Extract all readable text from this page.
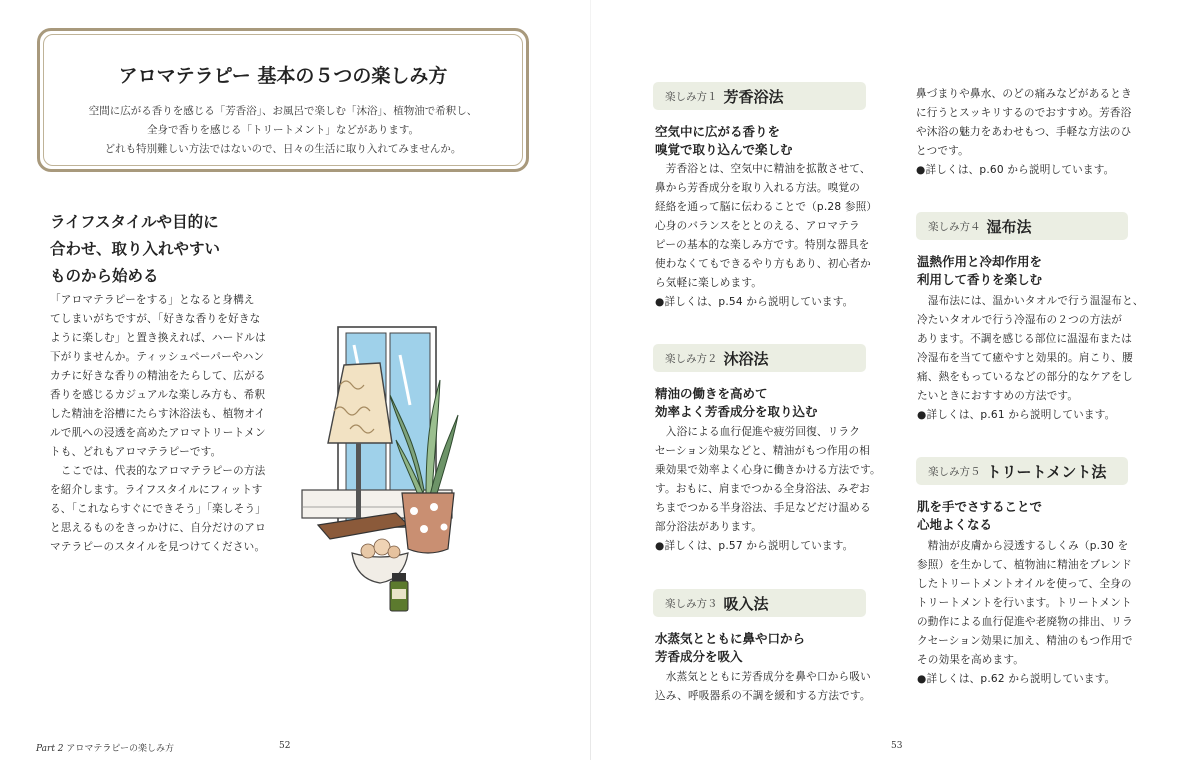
アロマテラピー 基本の５つの楽しみ方
空間に広がる香りを感じる「芳香浴」、お風呂で楽しむ「沐浴」、植物油で希釈し、
全身で香りを感じる「トリートメント」などがあります。
どれも特別難しい方法ではないので、日々の生活に取り入れてみませんか。
ライフスタイルや目的に
合わせ、取り入れやすい
ものから始める
「アロマテラピーをする」となると身構え
てしまいがちですが、「好きな香りを好きな
ように楽しむ」と置き換えれば、ハードルは
下がりませんか。ティッシュペーパーやハン
カチに好きな香りの精油をたらして、広がる
香りを感じるカジュアルな楽しみ方も、希釈
した精油を浴槽にたらす沐浴法も、植物オイ
ルで肌への浸透を高めたアロマトリートメン
トも、どれもアロマテラピーです。
　ここでは、代表的なアロマテラピーの方法
を紹介します。ライフスタイルにフィットす
る、「これならすぐにできそう」「楽しそう」
と思えるものをきっかけに、自分だけのアロ
マテラピーのスタイルを見つけてください。
楽しみ方１ 芳香浴法
空気中に広がる香りを
嗅覚で取り込んで楽しむ
　芳香浴とは、空気中に精油を拡散させて、
鼻から芳香成分を取り入れる方法。嗅覚の
経絡を通って脳に伝わることで（p.28 参照）
心身のバランスをととのえる、アロマテラ
ピーの基本的な楽しみ方です。特別な器具を
使わなくてもできるやり方もあり、初心者か
ら気軽に楽しめます。
●詳しくは、p.54 から説明しています。
楽しみ方２ 沐浴法
精油の働きを高めて
効率よく芳香成分を取り込む
　入浴による血行促進や疲労回復、リラク
セーション効果などと、精油がもつ作用の相
乗効果で効率よく心身に働きかける方法です。
す。おもに、肩までつかる全身浴法、みぞお
ちまでつかる半身浴法、手足などだけ温める
部分浴法があります。
●詳しくは、p.57 から説明しています。
楽しみ方３ 吸入法
水蒸気とともに鼻や口から
芳香成分を吸入
　水蒸気とともに芳香成分を鼻や口から吸い
込み、呼吸器系の不調を緩和する方法です。
鼻づまりや鼻水、のどの痛みなどがあるとき
に行うとスッキリするのでおすすめ。芳香浴
や沐浴の魅力をあわせもつ、手軽な方法のひ
とつです。
●詳しくは、p.60 から説明しています。
楽しみ方４ 湿布法
温熱作用と冷却作用を
利用して香りを楽しむ
　湿布法には、温かいタオルで行う温湿布と、
冷たいタオルで行う冷湿布の２つの方法が
あります。不調を感じる部位に温湿布または
冷湿布を当てて癒やすと効果的。肩こり、腰
痛、熱をもっているなどの部分的なケアをし
たいときにおすすめの方法です。
●詳しくは、p.61 から説明しています。
楽しみ方５ トリートメント法
肌を手でさすることで
心地よくなる
　精油が皮膚から浸透するしくみ（p.30 を
参照）を生かして、植物油に精油をブレンド
したトリートメントオイルを使って、全身の
トリートメントを行います。トリートメント
の動作による血行促進や老廃物の排出、リラ
クセーション効果に加え、精油のもつ作用で
その効果を高めます。
●詳しくは、p.62 から説明しています。
Part 2 アロマテラピーの楽しみ方	52	53
